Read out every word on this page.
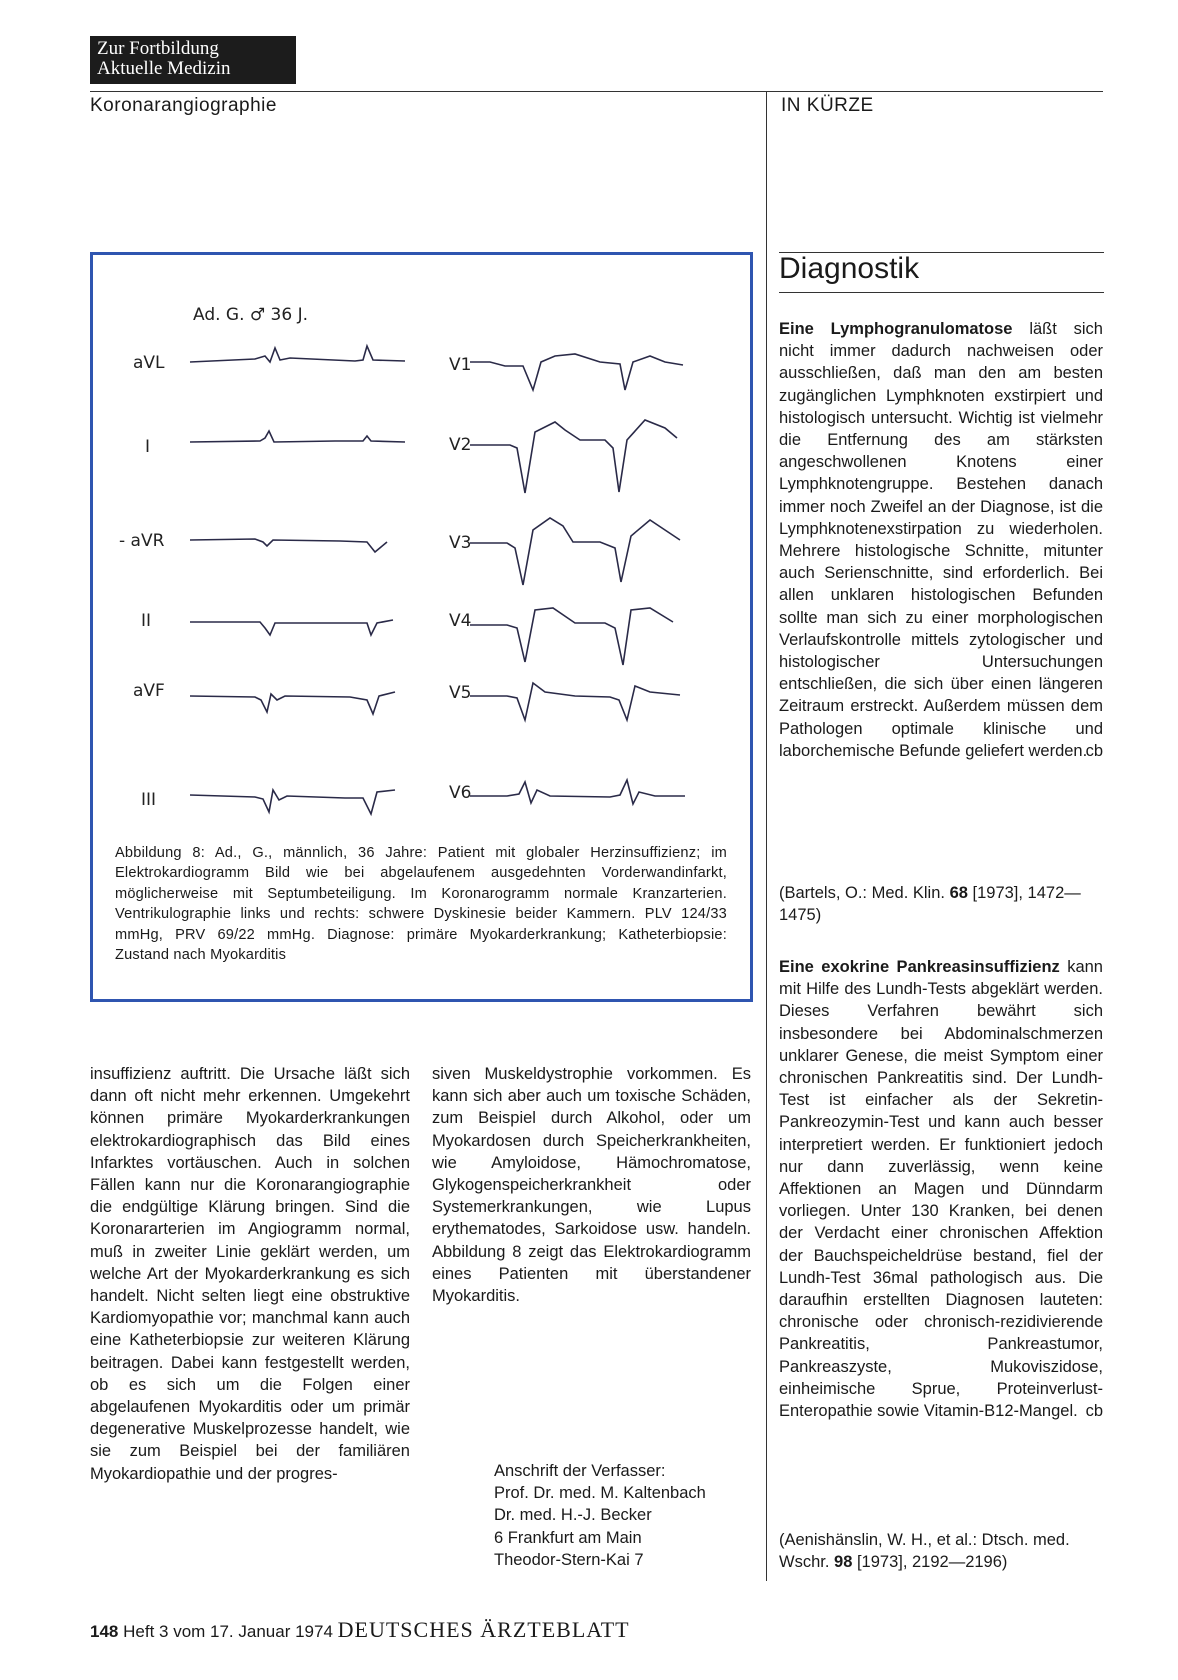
Zur Fortbildung
Aktuelle Medizin
Koronarangiographie	IN KÜRZE
Ad. G. ♂ 36 J.
aVL
I
- aVR
II
aVF
III
V1
V2
V3
V4
V5
V6
Abbildung 8: Ad., G., männlich, 36 Jahre: Patient mit globaler Herzinsuffizienz; im Elektrokardiogramm Bild wie bei abgelaufenem ausgedehnten Vorderwandinfarkt, möglicherweise mit Septumbeteiligung. Im Koronarogramm normale Kranzarterien. Ventrikulographie links und rechts: schwere Dyskinesie beider Kammern. PLV 124/33 mmHg, PRV 69/22 mmHg. Diagnose: primäre Myokarderkrankung; Katheterbiopsie: Zustand nach Myokarditis

insuffizienz auftritt. Die Ursache läßt sich dann oft nicht mehr erkennen. Umgekehrt können primäre Myokarderkrankungen elektrokardiographisch das Bild eines Infarktes vortäuschen. Auch in solchen Fällen kann nur die Koronarangiographie die endgültige Klärung bringen. Sind die Koronararterien im Angiogramm normal, muß in zweiter Linie geklärt werden, um welche Art der Myokarderkrankung es sich handelt. Nicht selten liegt eine obstruktive Kardiomyopathie vor; manchmal kann auch eine Katheterbiopsie zur weiteren Klärung beitragen. Dabei kann festgestellt werden, ob es sich um die Folgen einer abgelaufenen Myokarditis oder um primär degenerative Muskelprozesse handelt, wie sie zum Beispiel bei der familiären Myokardiopathie und der progres-

siven Muskeldystrophie vorkommen. Es kann sich aber auch um toxische Schäden, zum Beispiel durch Alkohol, oder um Myokardosen durch Speicherkrankheiten, wie Amyloidose, Hämochromatose, Glykogenspeicherkrankheit oder Systemerkrankungen, wie Lupus erythematodes, Sarkoidose usw. handeln. Abbildung 8 zeigt das Elektrokardiogramm eines Patienten mit überstandener Myokarditis.

Anschrift der Verfasser:
Prof. Dr. med. M. Kaltenbach
Dr. med. H.-J. Becker
6 Frankfurt am Main
Theodor-Stern-Kai 7
Diagnostik

Eine Lymphogranulomatose läßt sich nicht immer dadurch nachweisen oder ausschließen, daß man den am besten zugänglichen Lymphknoten exstirpiert und histologisch untersucht. Wichtig ist vielmehr die Entfernung des am stärksten angeschwollenen Knotens einer Lymphknotengruppe. Bestehen danach immer noch Zweifel an der Diagnose, ist die Lymphknotenexstirpation zu wiederholen. Mehrere histologische Schnitte, mitunter auch Serienschnitte, sind erforderlich. Bei allen unklaren histologischen Befunden sollte man sich zu einer morphologischen Verlaufskontrolle mittels zytologischer und histologischer Untersuchungen entschließen, die sich über einen längeren Zeitraum erstreckt. Außerdem müssen dem Pathologen optimale klinische und laborchemische Befunde geliefert werden.

cb

(Bartels, O.: Med. Klin. 68 [1973], 1472—1475)

Eine exokrine Pankreasinsuffizienz kann mit Hilfe des Lundh-Tests abgeklärt werden. Dieses Verfahren bewährt sich insbesondere bei Abdominalschmerzen unklarer Genese, die meist Symptom einer chronischen Pankreatitis sind. Der Lundh-Test ist einfacher als der Sekretin-Pankreozymin-Test und kann auch besser interpretiert werden. Er funktioniert jedoch nur dann zuverlässig, wenn keine Affektionen an Magen und Dünndarm vorliegen. Unter 130 Kranken, bei denen der Verdacht einer chronischen Affektion der Bauchspeicheldrüse bestand, fiel der Lundh-Test 36mal pathologisch aus. Die daraufhin erstellten Diagnosen lauteten: chronische oder chronisch-rezidivierende Pankreatitis, Pankreastumor, Pankreaszyste, Mukoviszidose, einheimische Sprue, Proteinverlust-Enteropathie sowie Vitamin-B12-Mangel. cb

(Aenishänslin, W. H., et al.: Dtsch. med. Wschr. 98 [1973], 2192—2196)
148 Heft 3 vom 17. Januar 1974 DEUTSCHES ÄRZTEBLATT
